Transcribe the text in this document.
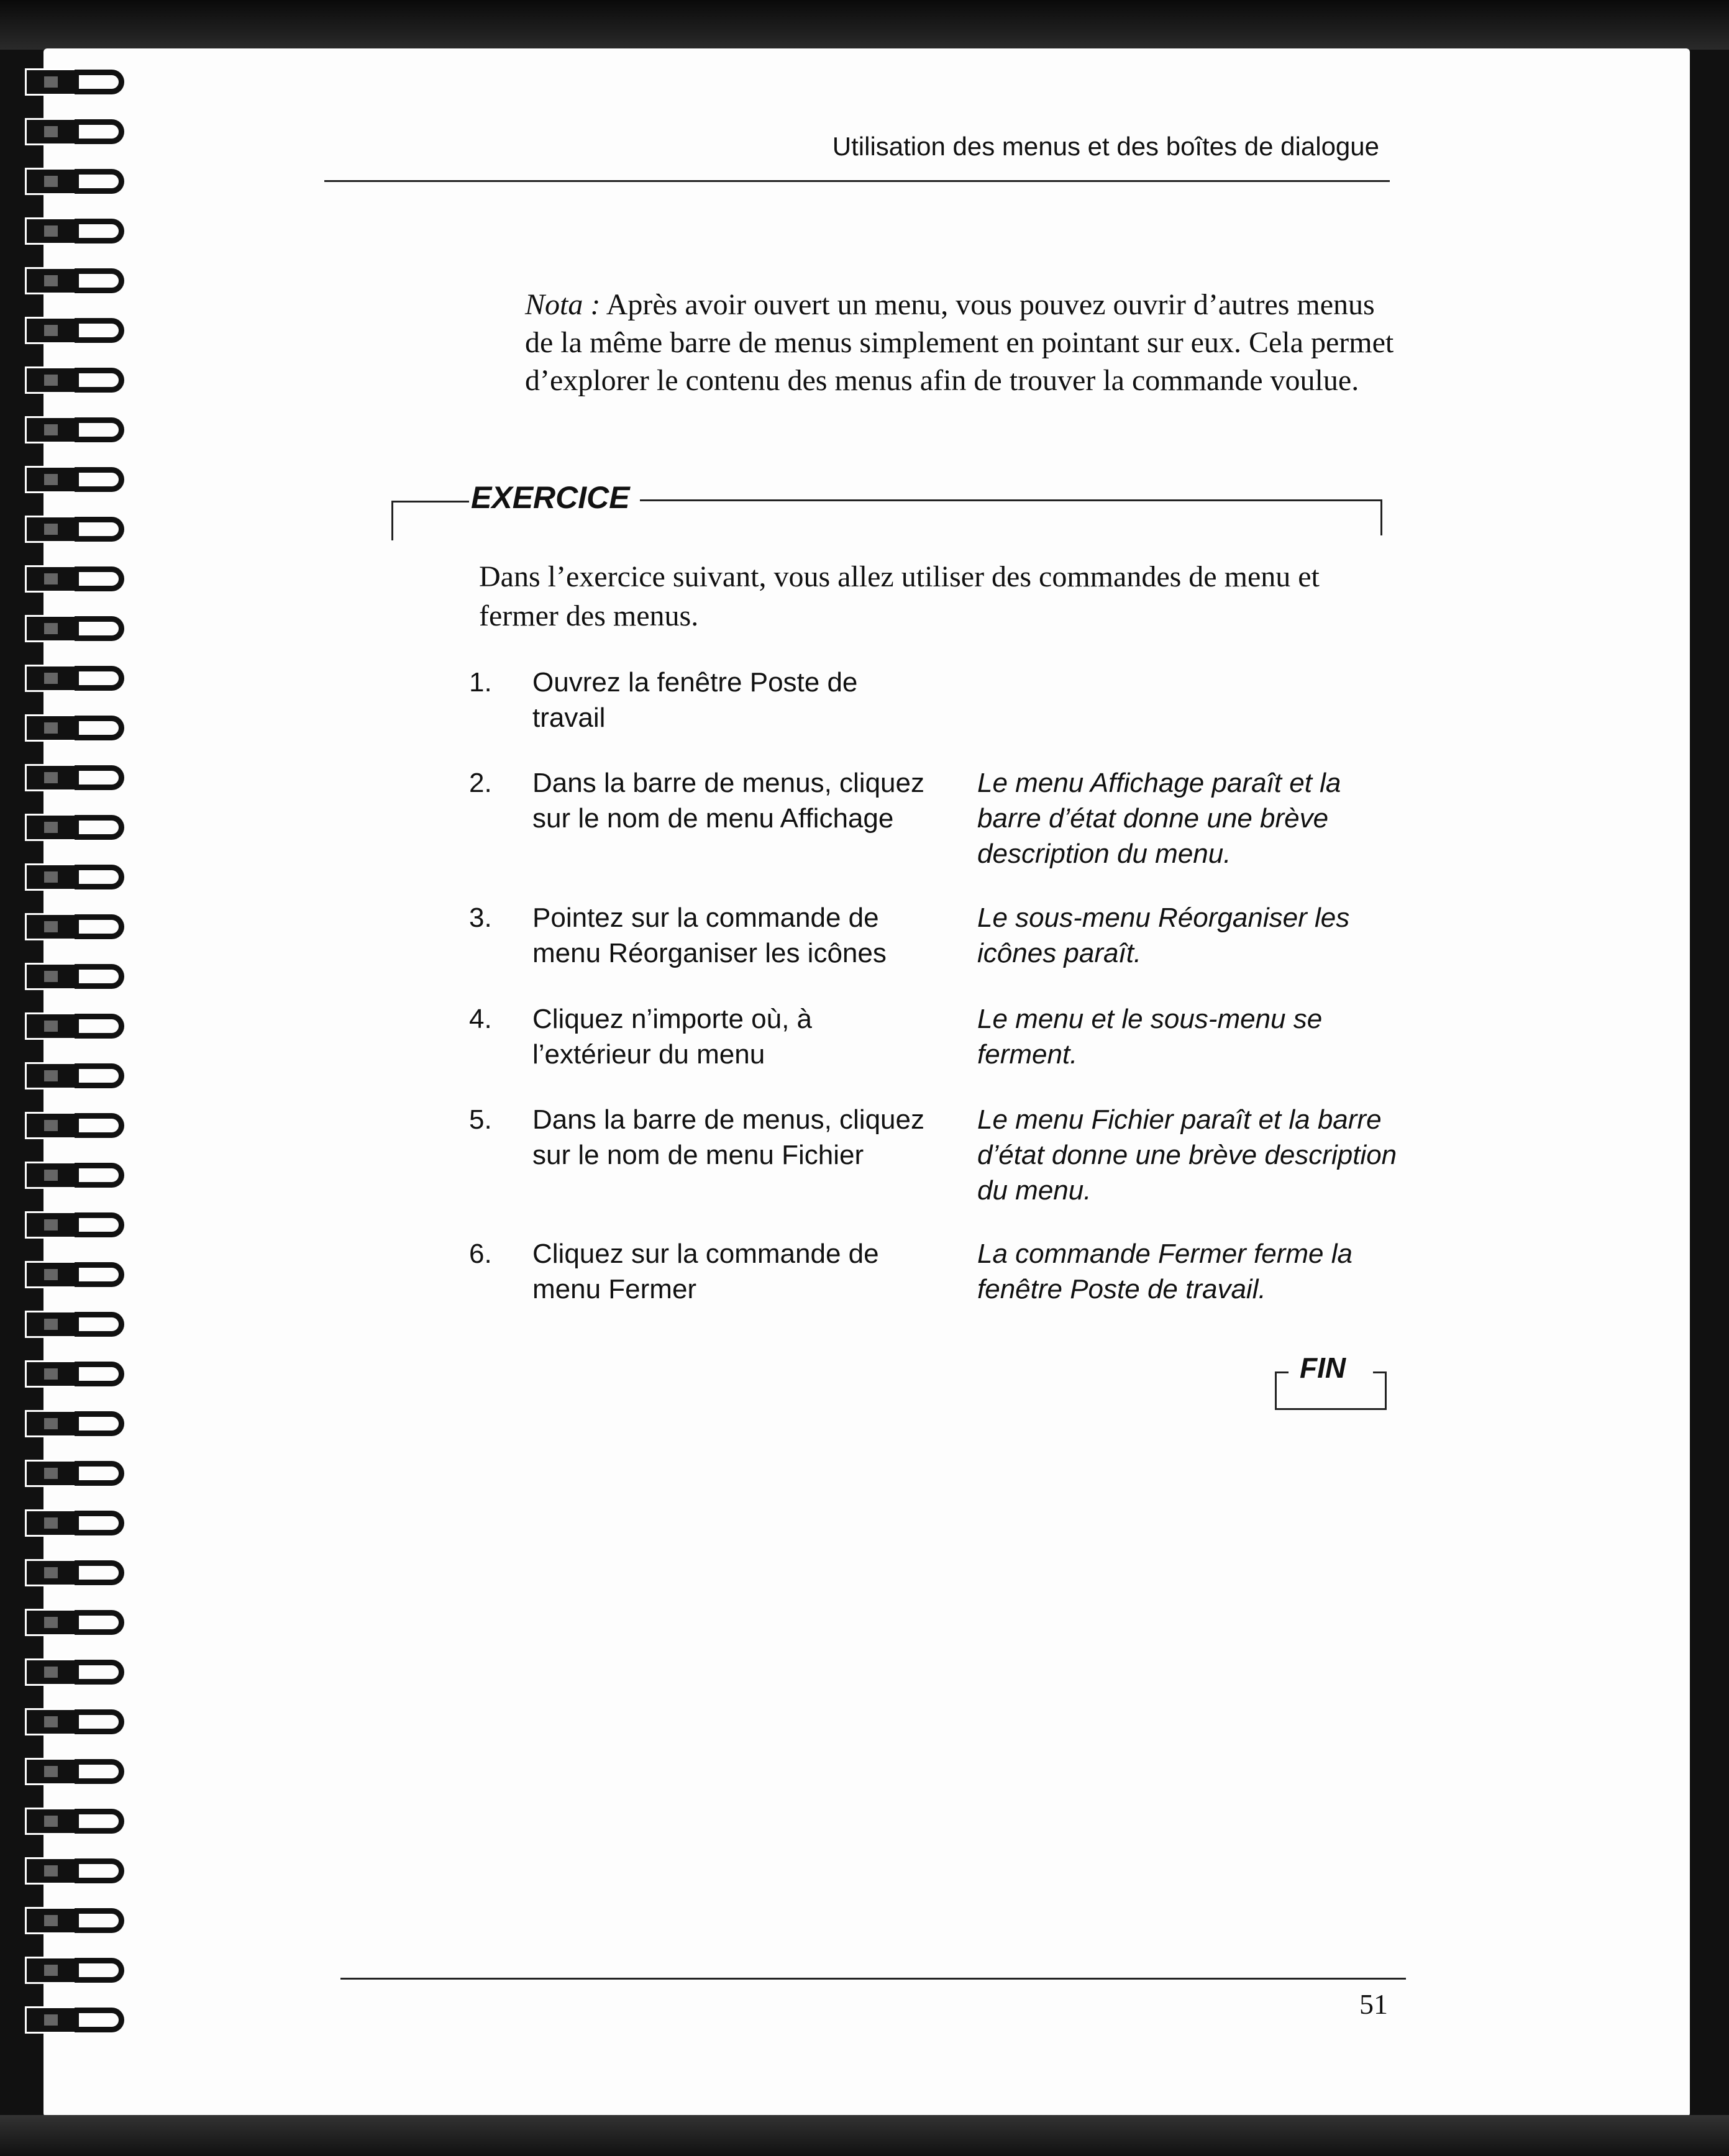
Utilisation des menus et des boîtes de dialogue
Nota : Après avoir ouvert un menu, vous pouvez ouvrir d’autres menus de la même barre de menus simplement en pointant sur eux. Cela permet d’explorer le contenu des menus afin de trouver la commande voulue.
EXERCICE
Dans l’exercice suivant, vous allez utiliser des commandes de menu et fermer des menus.
1.	Ouvrez la fenêtre Poste de travail
2.	Dans la barre de menus, cliquez sur le nom de menu Affichage
Le menu Affichage paraît et la barre d’état donne une brève description du menu.
3.	Pointez sur la commande de menu Réorganiser les icônes
Le sous-menu Réorganiser les icônes paraît.
4.	Cliquez n’importe où, à l’extérieur du menu
Le menu et le sous-menu se ferment.
5.	Dans la barre de menus, cliquez sur le nom de menu Fichier
Le menu Fichier paraît et la barre d’état donne une brève description du menu.
6.	Cliquez sur la commande de menu Fermer
La commande Fermer ferme la fenêtre Poste de travail.
FIN
51
